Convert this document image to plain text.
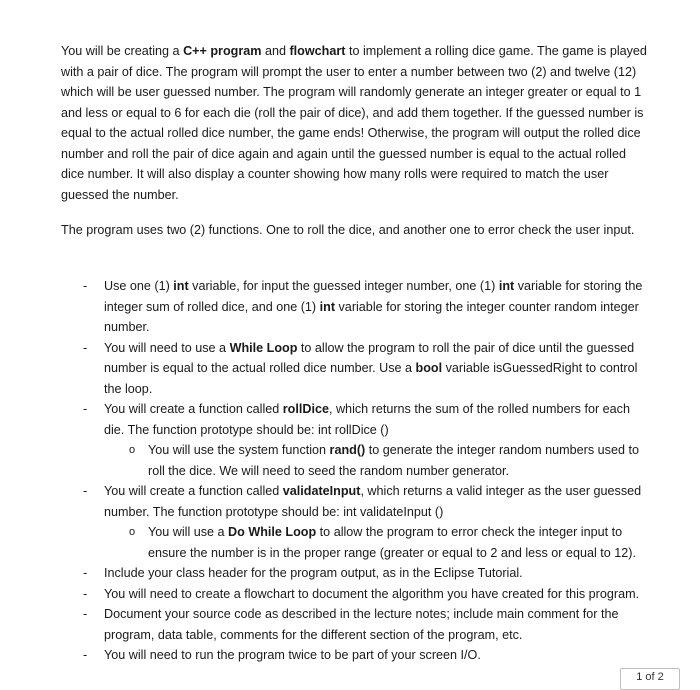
You will be creating a C++ program and flowchart to implement a rolling dice game. The game is played with a pair of dice. The program will prompt the user to enter a number between two (2) and twelve (12) which will be user guessed number. The program will randomly generate an integer greater or equal to 1 and less or equal to 6 for each die (roll the pair of dice), and add them together. If the guessed number is equal to the actual rolled dice number, the game ends! Otherwise, the program will output the rolled dice number and roll the pair of dice again and again until the guessed number is equal to the actual rolled dice number. It will also display a counter showing how many rolls were required to match the user guessed the number.

The program uses two (2) functions. One to roll the dice, and another one to error check the user input.

- Use one (1) int variable, for input the guessed integer number, one (1) int variable for storing the integer sum of rolled dice, and one (1) int variable for storing the integer counter random integer number.
- You will need to use a While Loop to allow the program to roll the pair of dice until the guessed number is equal to the actual rolled dice number. Use a bool variable isGuessedRight to control the loop.
- You will create a function called rollDice, which returns the sum of the rolled numbers for each die. The function prototype should be: int rollDice ()
o You will use the system function rand() to generate the integer random numbers used to roll the dice. We will need to seed the random number generator.
- You will create a function called validateInput, which returns a valid integer as the user guessed number. The function prototype should be: int validateInput ()
o You will use a Do While Loop to allow the program to error check the integer input to ensure the number is in the proper range (greater or equal to 2 and less or equal to 12).
- Include your class header for the program output, as in the Eclipse Tutorial.
- You will need to create a flowchart to document the algorithm you have created for this program.
- Document your source code as described in the lecture notes; include main comment for the program, data table, comments for the different section of the program, etc.
- You will need to run the program twice to be part of your screen I/O.
1 of 2
